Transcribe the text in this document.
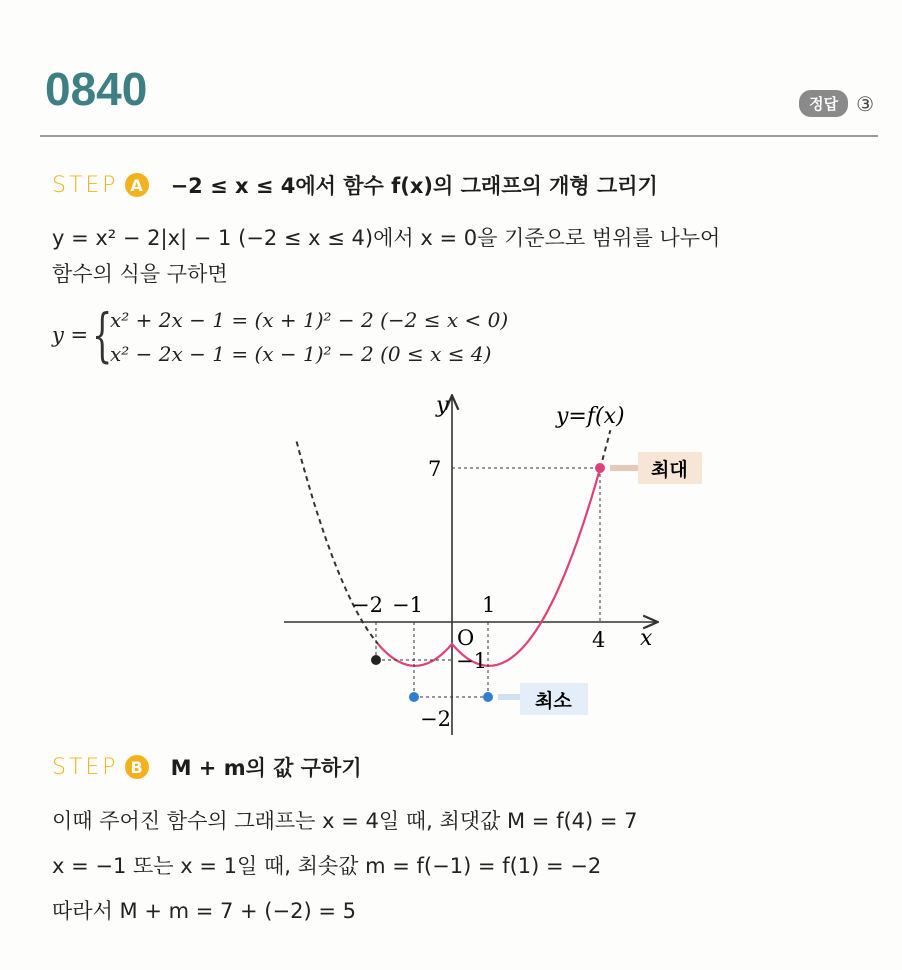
0840	정답 ③
STEP A −2 ≤ x ≤ 4에서 함수 f(x)의 그래프의 개형 그리기
y = x² − 2|x| − 1 (−2 ≤ x ≤ 4)에서 x = 0을 기준으로 범위를 나누어
함수의 식을 구하면
y = {
x² + 2x − 1 = (x + 1)² − 2 (−2 ≤ x < 0)
x² − 2x − 1 = (x − 1)² − 2 (0 ≤ x ≤ 4)
y
x
O
y=f(x)
−2 −1	1
4
7
−1
−2
최대
최소
STEP B M + m의 값 구하기
이때 주어진 함수의 그래프는 x = 4일 때, 최댓값 M = f(4) = 7
x = −1 또는 x = 1일 때, 최솟값 m = f(−1) = f(1) = −2
따라서 M + m = 7 + (−2) = 5
